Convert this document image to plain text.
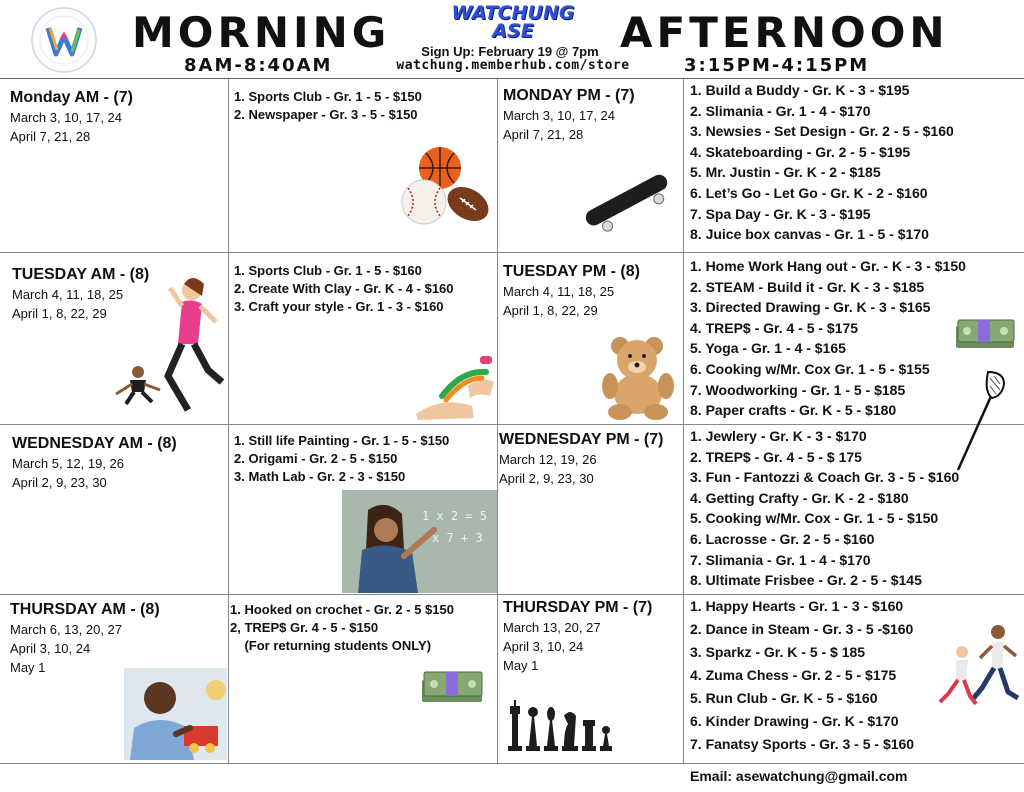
MORNING
8AM-8:40AM
WATCHUNG
ASE
Sign Up: February 19 @ 7pm
watchung.memberhub.com/store
AFTERNOON
3:15PM-4:15PM
Monday AM - (7)
March 3, 10, 17, 24
April 7, 21, 28
1. Sports Club - Gr. 1 - 5 - $150
2. Newspaper - Gr. 3 - 5 - $150
MONDAY PM - (7)
March 3, 10, 17, 24
April 7, 21, 28
1. Build a Buddy - Gr. K - 3 - $195
2. Slimania - Gr. 1 - 4 - $170
3. Newsies - Set Design - Gr. 2 - 5 - $160
4. Skateboarding - Gr. 2 - 5 - $195
5. Mr. Justin - Gr. K - 2 - $185
6. Let’s Go - Let Go - Gr. K - 2 - $160
7. Spa Day - Gr. K - 3 - $195
8. Juice box canvas - Gr. 1 - 5 - $170
TUESDAY AM - (8)
March 4, 11, 18, 25
April 1, 8, 22, 29
1. Sports Club - Gr. 1 - 5 - $160
2. Create With Clay - Gr. K - 4 - $160
3. Craft your style - Gr. 1 - 3 - $160
TUESDAY PM - (8)
March 4, 11, 18, 25
April 1, 8, 22, 29
1. Home Work Hang out - Gr. - K - 3 - $150
2. STEAM - Build it - Gr. K - 3 - $185
3. Directed Drawing - Gr. K - 3 - $165
4. TREP$ - Gr. 4 - 5 - $175
5. Yoga - Gr. 1 - 4 - $165
6. Cooking w/Mr. Cox Gr. 1 - 5 - $155
7. Woodworking - Gr. 1 - 5 - $185
8. Paper crafts - Gr. K - 5 - $180
WEDNESDAY AM - (8)
March 5, 12, 19, 26
April 2, 9, 23, 30
1. Still life Painting - Gr. 1 - 5 - $150
2. Origami - Gr. 2 - 5 - $150
3. Math Lab - Gr. 2 - 3 - $150
1 x 2 = 5
x 7 + 3
WEDNESDAY PM - (7)
March 12, 19, 26
April 2, 9, 23, 30
1. Jewlery - Gr. K - 3 - $170
2. TREP$ - Gr. 4 - 5 - $ 175
3. Fun - Fantozzi & Coach Gr. 3 - 5 - $160
4. Getting Crafty - Gr. K - 2 - $180
5. Cooking w/Mr. Cox - Gr. 1 - 5 - $150
6. Lacrosse - Gr. 2 - 5 - $160
7. Slimania - Gr. 1 - 4 - $170
8. Ultimate Frisbee - Gr. 2 - 5 - $145
THURSDAY AM - (8)
March 6, 13, 20, 27
April 3, 10, 24
May 1
1. Hooked on crochet - Gr. 2 - 5 $150
2, TREP$ Gr. 4 - 5 - $150
(For returning students ONLY)
THURSDAY PM - (7)
March 13, 20, 27
April 3, 10, 24
May 1
1. Happy Hearts - Gr. 1 - 3 - $160
2. Dance in Steam - Gr. 3 - 5 -$160
3. Sparkz - Gr. K - 5 - $ 185
4. Zuma Chess - Gr. 2 - 5 - $175
5. Run Club - Gr. K - 5 - $160
6. Kinder Drawing - Gr. K - $170
7. Fanatsy Sports - Gr. 3 - 5 - $160
Email: asewatchung@gmail.com
